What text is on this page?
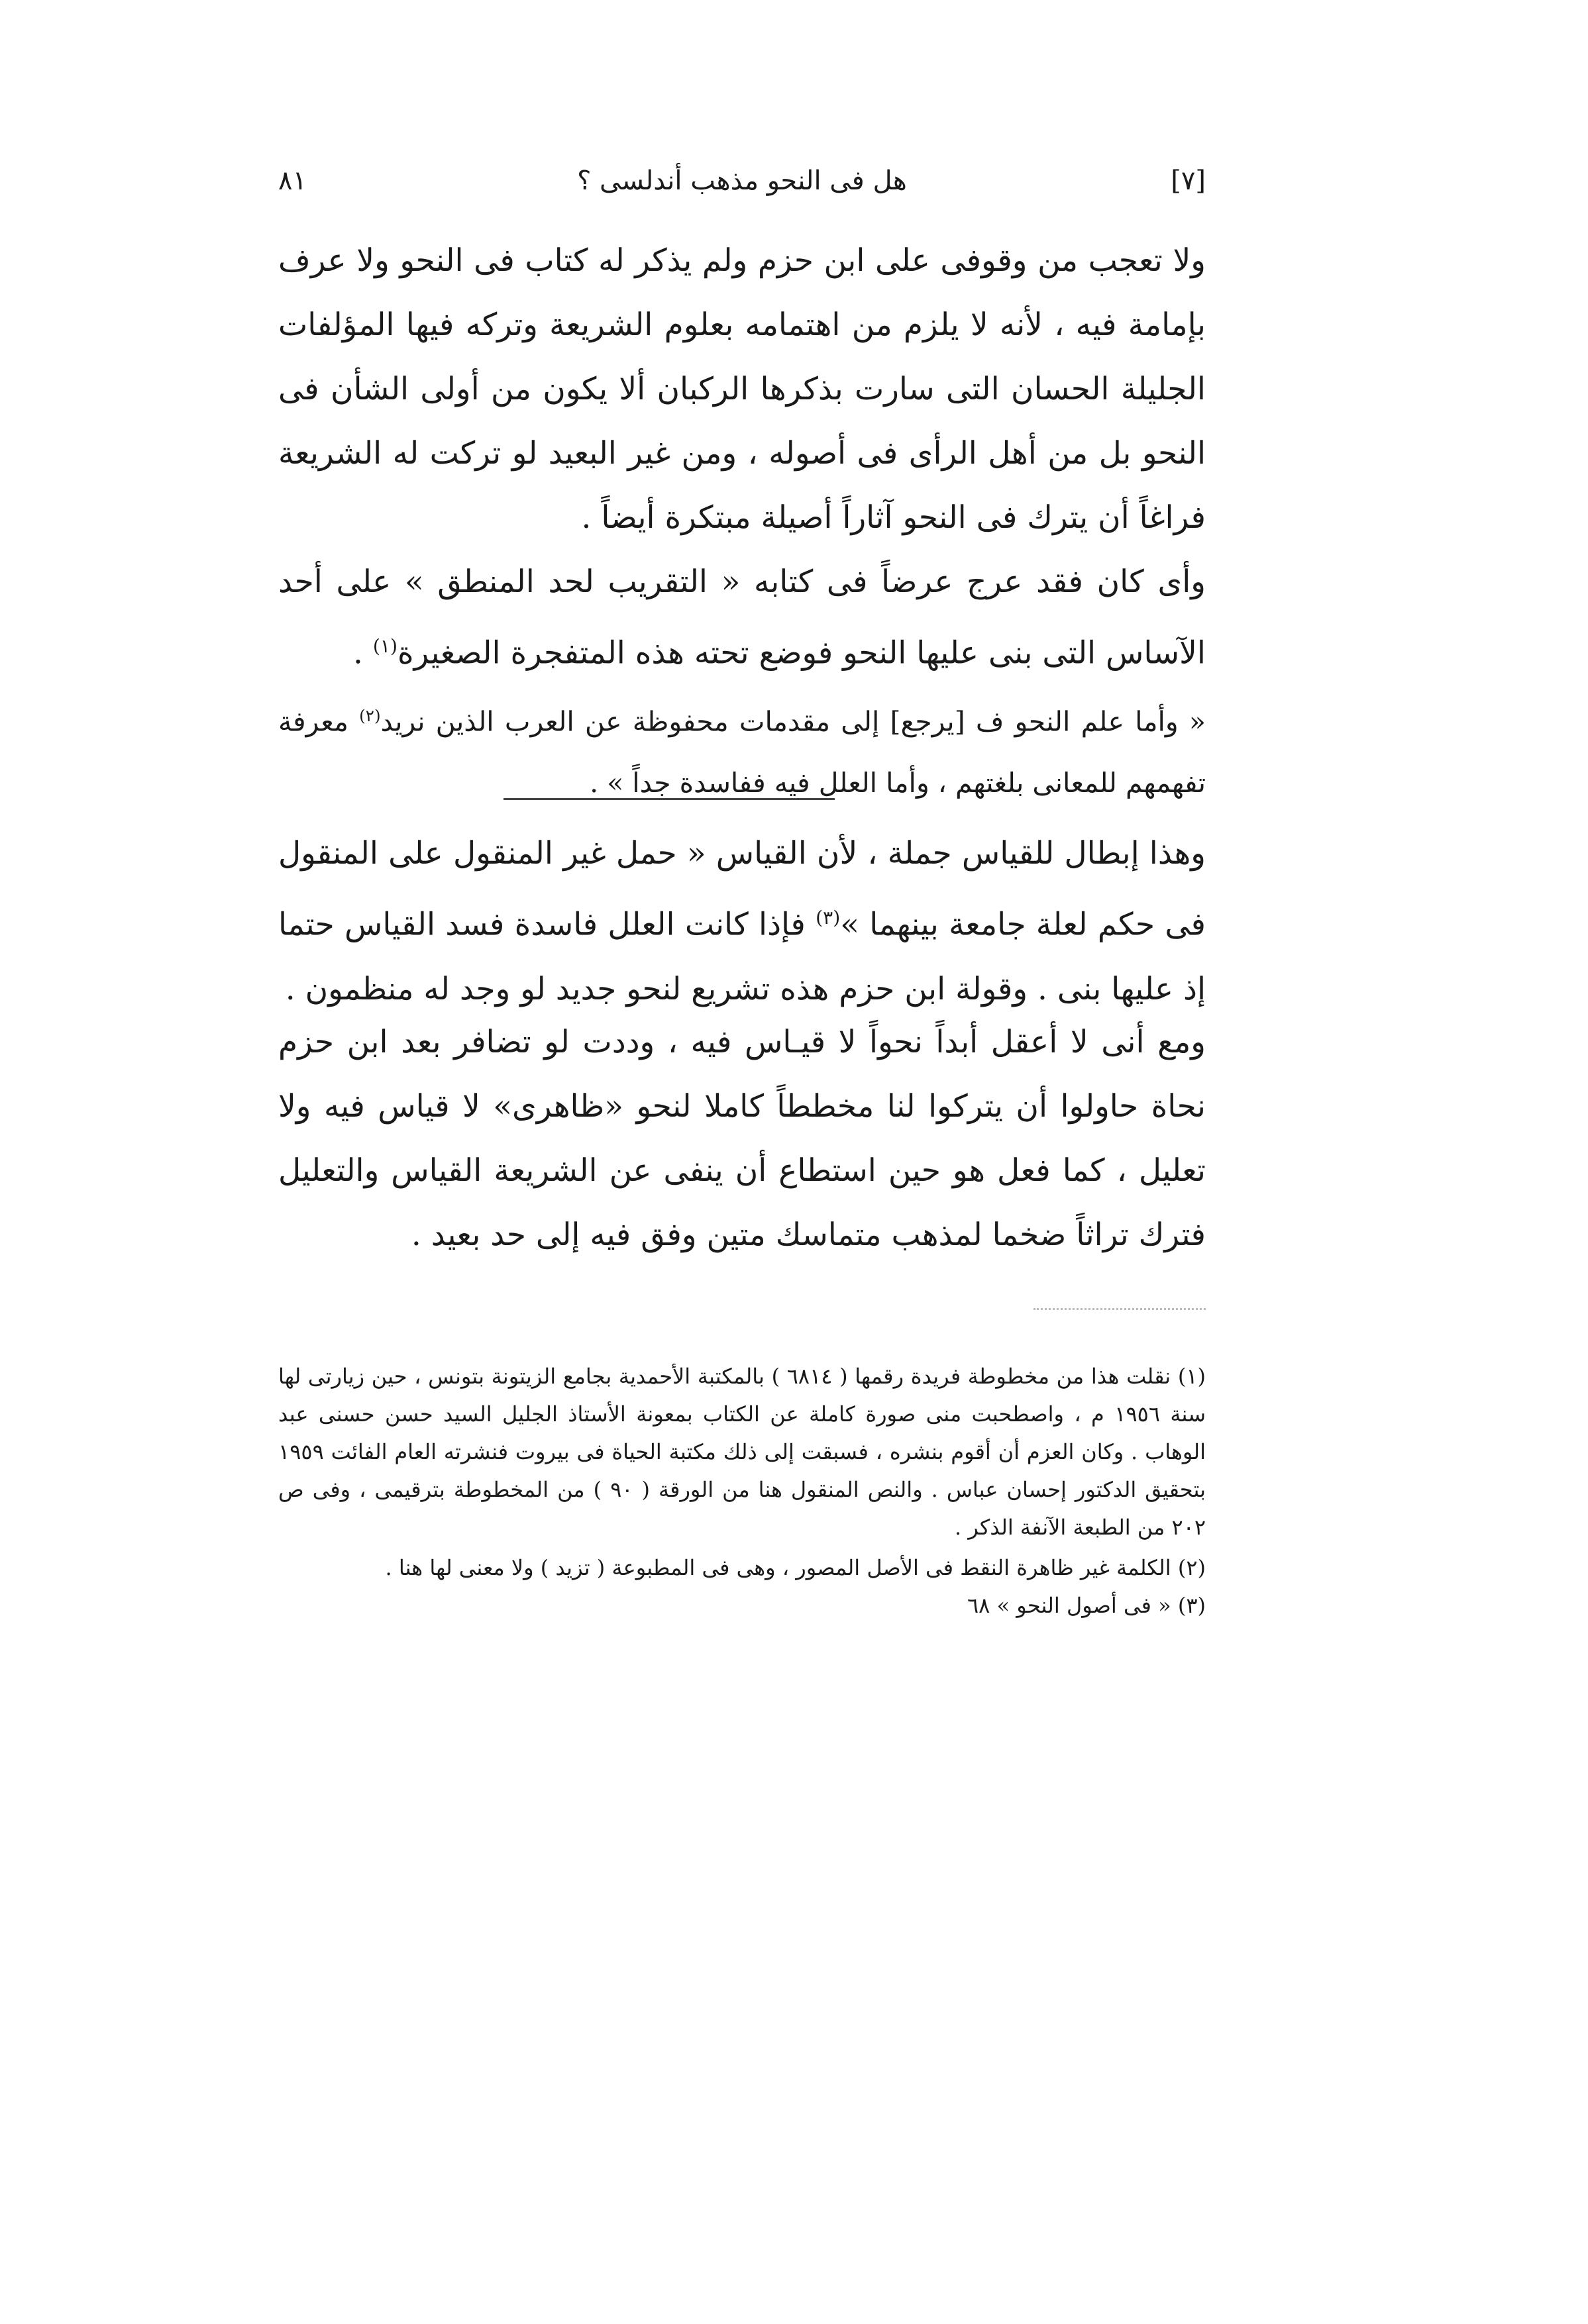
[٧]
هل فى النحو مذهب أندلسى ؟
٨١

ولا تعجب من وقوفى على ابن حزم ولم يذكر له كتاب فى النحو ولا عرف بإمامة فيه ، لأنه لا يلزم من اهتمامه بعلوم الشريعة وتركه فيها المؤلفات الجليلة الحسان التى سارت بذكرها الركبان ألا يكون من أولى الشأن فى النحو بل من أهل الرأى فى أصوله ، ومن غير البعيد لو تركت له الشريعة فراغاً أن يترك فى النحو آثاراً أصيلة مبتكرة أيضاً .

وأى كان فقد عرج عرضاً فى كتابه « التقريب لحد المنطق » على أحد الآساس التى بنى عليها النحو فوضع تحته هذه المتفجرة الصغيرة$^{(١)}$ .

« وأما علم النحو ف [يرجع] إلى مقدمات محفوظة عن العرب الذين نريد$^{(٢)}$ معرفة تفهمهم للمعانى بلغتهم ، وأما العلل فيه ففاسدة جداً » .
وهذا إبطال للقياس جملة ، لأن القياس « حمل غير المنقول على المنقول فى حكم لعلة جامعة بينهما »$^{(٣)}$ فإذا كانت العلل فاسدة فسد القياس حتما إذ عليها بنى . وقولة ابن حزم هذه تشريع لنحو جديد لو وجد له منظمون .
ومع أنى لا أعقل أبداً نحواً لا قيـاس فيه ، وددت لو تضافر بعد ابن حزم نحاة حاولوا أن يتركوا لنا مخططاً كاملا لنحو «ظاهرى» لا قياس فيه ولا تعليل ، كما فعل هو حين استطاع أن ينفى عن الشريعة القياس والتعليل فترك تراثاً ضخما لمذهب متماسك متين وفق فيه إلى حد بعيد .

(١) نقلت هذا من مخطوطة فريدة رقمها ( ٦٨١٤ ) بالمكتبة الأحمدية بجامع الزيتونة بتونس ، حين زيارتى لها سنة ١٩٥٦ م ، واصطحبت منى صورة كاملة عن الكتاب بمعونة الأستاذ الجليل السيد حسن حسنى عبد الوهاب . وكان العزم أن أقوم بنشره ، فسبقت إلى ذلك مكتبة الحياة فى بيروت فنشرته العام الفائت ١٩٥٩ بتحقيق الدكتور إحسان عباس . والنص المنقول هنا من الورقة ( ٩٠ ) من المخطوطة بترقيمى ، وفى ص ٢٠٢ من الطبعة الآنفة الذكر .

(٢) الكلمة غير ظاهرة النقط فى الأصل المصور ، وهى فى المطبوعة ( تزيد ) ولا معنى لها هنا .

(٣) « فى أصول النحو » ٦٨
